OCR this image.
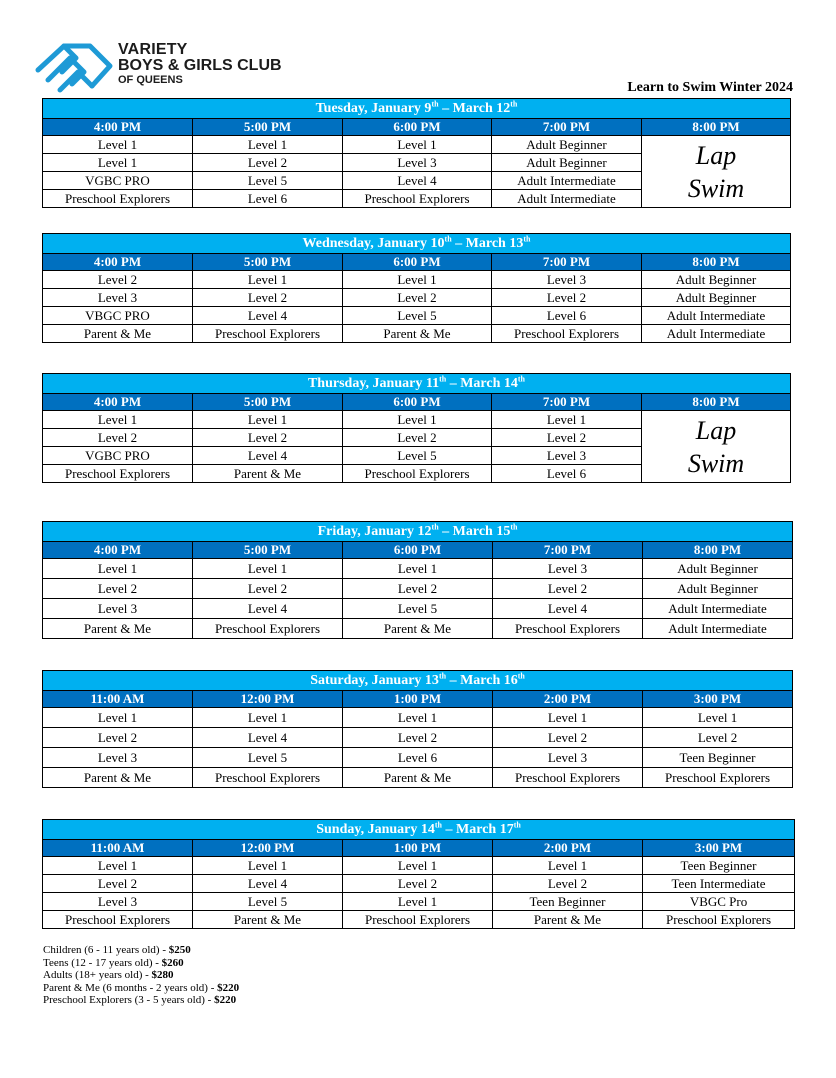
VARIETY
BOYS & GIRLS CLUB
OF QUEENS	Learn to Swim Winter 2024
Tuesday, January 9th – March 12th
4:00 PM	5:00 PM	6:00 PM	7:00 PM	8:00 PM
Level 1	Level 1	Level 1	Adult Beginner	Lap
Swim

Level 1	Level 2	Level 3	Adult Beginner	
VGBC PRO	Level 5	Level 4	Adult Intermediate	
Preschool Explorers	Level 6	Preschool Explorers	Adult Intermediate	
Wednesday, January 10th – March 13th
4:00 PM	5:00 PM	6:00 PM	7:00 PM	8:00 PM
Level 2	Level 1	Level 1	Level 3	Adult Beginner
Level 3	Level 2	Level 2	Level 2	Adult Beginner
VBGC PRO	Level 4	Level 5	Level 6	Adult Intermediate
Parent & Me	Preschool Explorers	Parent & Me	Preschool Explorers	Adult Intermediate
Thursday, January 11th – March 14th
4:00 PM	5:00 PM	6:00 PM	7:00 PM	8:00 PM
Level 1	Level 1	Level 1	Level 1	Lap
Swim

Level 2	Level 2	Level 2	Level 2	
VGBC PRO	Level 4	Level 5	Level 3	
Preschool Explorers	Parent & Me	Preschool Explorers	Level 6	
Friday, January 12th – March 15th
4:00 PM	5:00 PM	6:00 PM	7:00 PM	8:00 PM
Level 1	Level 1	Level 1	Level 3	Adult Beginner
Level 2	Level 2	Level 2	Level 2	Adult Beginner
Level 3	Level 4	Level 5	Level 4	Adult Intermediate
Parent & Me	Preschool Explorers	Parent & Me	Preschool Explorers	Adult Intermediate
Saturday, January 13th – March 16th
11:00 AM	12:00 PM	1:00 PM	2:00 PM	3:00 PM
Level 1	Level 1	Level 1	Level 1	Level 1
Level 2	Level 4	Level 2	Level 2	Level 2
Level 3	Level 5	Level 6	Level 3	Teen Beginner
Parent & Me	Preschool Explorers	Parent & Me	Preschool Explorers	Preschool Explorers
Sunday, January 14th – March 17th
11:00 AM	12:00 PM	1:00 PM	2:00 PM	3:00 PM
Level 1	Level 1	Level 1	Level 1	Teen Beginner
Level 2	Level 4	Level 2	Level 2	Teen Intermediate
Level 3	Level 5	Level 1	Teen Beginner	VBGC Pro
Preschool Explorers	Parent & Me	Preschool Explorers	Parent & Me	Preschool Explorers
Children (6 - 11 years old) - $250
Teens (12 - 17 years old) - $260
Adults (18+ years old) - $280
Parent & Me (6 months - 2 years old) - $220
Preschool Explorers (3 - 5 years old) - $220
